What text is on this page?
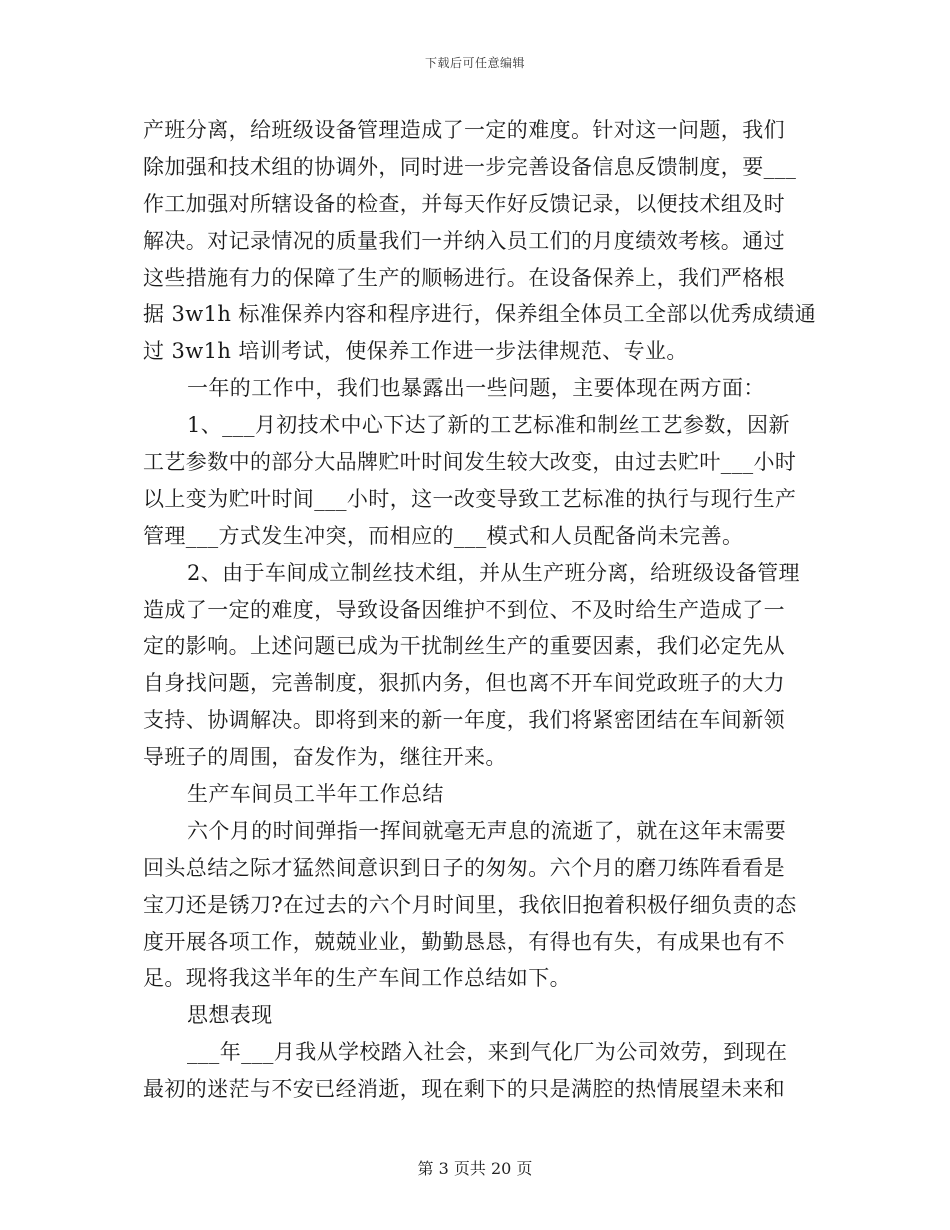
下载后可任意编辑
产班分离，给班级设备管理造成了一定的难度。针对这一问题，我们
除加强和技术组的协调外，同时进一步完善设备信息反馈制度，要___
作工加强对所辖设备的检查，并每天作好反馈记录，以便技术组及时
解决。对记录情况的质量我们一并纳入员工们的月度绩效考核。通过
这些措施有力的保障了生产的顺畅进行。在设备保养上，我们严格根
据 3w1h 标准保养内容和程序进行，保养组全体员工全部以优秀成绩通
过 3w1h 培训考试，使保养工作进一步法律规范、专业。
一年的工作中，我们也暴露出一些问题，主要体现在两方面：
1、___月初技术中心下达了新的工艺标准和制丝工艺参数，因新
工艺参数中的部分大品牌贮叶时间发生较大改变，由过去贮叶___小时
以上变为贮叶时间___小时，这一改变导致工艺标准的执行与现行生产
管理___方式发生冲突，而相应的___模式和人员配备尚未完善。
2、由于车间成立制丝技术组，并从生产班分离，给班级设备管理
造成了一定的难度，导致设备因维护不到位、不及时给生产造成了一
定的影响。上述问题已成为干扰制丝生产的重要因素，我们必定先从
自身找问题，完善制度，狠抓内务，但也离不开车间党政班子的大力
支持、协调解决。即将到来的新一年度，我们将紧密团结在车间新领
导班子的周围，奋发作为，继往开来。
生产车间员工半年工作总结
六个月的时间弹指一挥间就毫无声息的流逝了，就在这年末需要
回头总结之际才猛然间意识到日子的匆匆。六个月的磨刀练阵看看是
宝刀还是锈刀?在过去的六个月时间里，我依旧抱着积极仔细负责的态
度开展各项工作，兢兢业业，勤勤恳恳，有得也有失，有成果也有不
足。现将我这半年的生产车间工作总结如下。
思想表现
___年___月我从学校踏入社会，来到气化厂为公司效劳，到现在
最初的迷茫与不安已经消逝，现在剩下的只是满腔的热情展望未来和
第 3 页共 20 页
